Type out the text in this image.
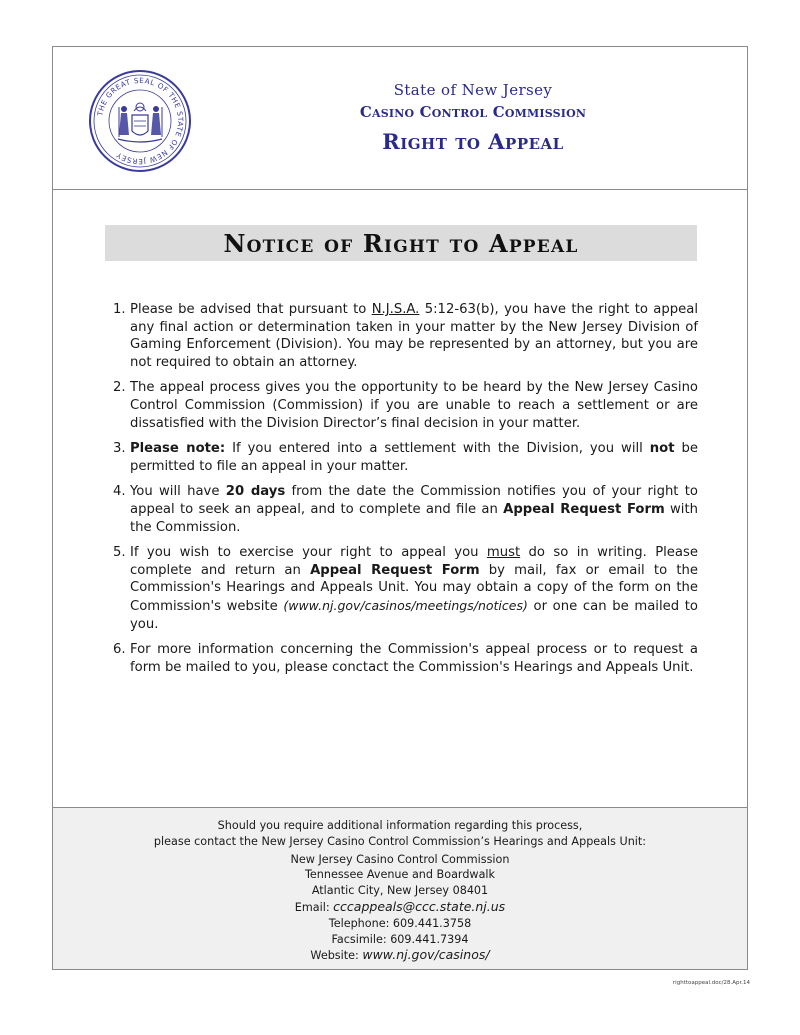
THE GREAT SEAL OF THE STATE OF NEW JERSEY
State of New Jersey
Casino Control Commission
Right to Appeal
Notice of Right to Appeal
1. Please be advised that pursuant to N.J.S.A. 5:12-63(b), you have the right to appeal any final action or determination taken in your matter by the New Jersey Division of Gaming Enforcement (Division). You may be represented by an attorney, but you are not required to obtain an attorney.
2. The appeal process gives you the opportunity to be heard by the New Jersey Casino Control Commission (Commission) if you are unable to reach a settlement or are dissatisfied with the Division Director’s final decision in your matter.
3. Please note: If you entered into a settlement with the Division, you will not be permitted to file an appeal in your matter.
4. You will have 20 days from the date the Commission notifies you of your right to appeal to seek an appeal, and to complete and file an Appeal Request Form with the Commission.
5. If you wish to exercise your right to appeal you must do so in writing. Please complete and return an Appeal Request Form by mail, fax or email to the Commission's Hearings and Appeals Unit. You may obtain a copy of the form on the Commission's website (www.nj.gov/casinos/meetings/notices) or one can be mailed to you.
6. For more information concerning the Commission's appeal process or to request a form be mailed to you, please conctact the Commission's Hearings and Appeals Unit.
Should you require additional information regarding this process,
please contact the New Jersey Casino Control Commission’s Hearings and Appeals Unit:
New Jersey Casino Control Commission
Tennessee Avenue and Boardwalk
Atlantic City, New Jersey 08401
Email: cccappeals@ccc.state.nj.us
Telephone: 609.441.3758
Facsimile: 609.441.7394
Website: www.nj.gov/casinos/
righttoappeal.doc/28.Apr.14
